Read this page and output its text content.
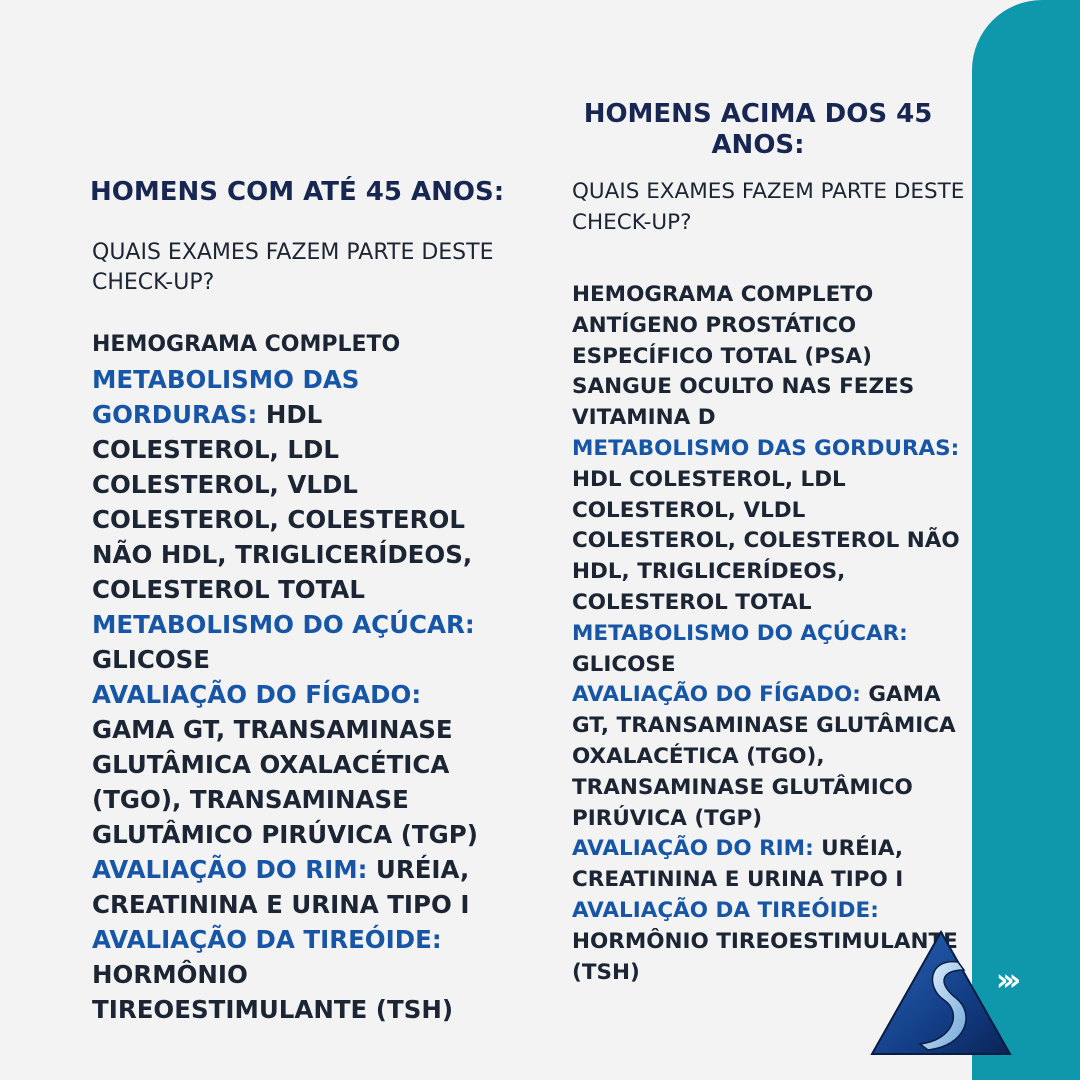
›››
HOMENS COM ATÉ 45 ANOS:
QUAIS EXAMES FAZEM PARTE DESTE CHECK-UP?
HEMOGRAMA COMPLETO
METABOLISMO DAS GORDURAS: HDL COLESTEROL, LDL COLESTEROL, VLDL COLESTEROL, COLESTEROL NÃO HDL, TRIGLICERÍDEOS, COLESTEROL TOTAL
METABOLISMO DO AÇÚCAR: GLICOSE
AVALIAÇÃO DO FÍGADO: GAMA GT, TRANSAMINASE GLUTÂMICA OXALACÉTICA (TGO), TRANSAMINASE GLUTÂMICO PIRÚVICA (TGP)
AVALIAÇÃO DO RIM: URÉIA, CREATININA E URINA TIPO I
AVALIAÇÃO DA TIREÓIDE: HORMÔNIO TIREOESTIMULANTE (TSH)
HOMENS ACIMA DOS 45 ANOS:
QUAIS EXAMES FAZEM PARTE DESTE CHECK-UP?
HEMOGRAMA COMPLETO
ANTÍGENO PROSTÁTICO ESPECÍFICO TOTAL (PSA)
SANGUE OCULTO NAS FEZES
VITAMINA D
METABOLISMO DAS GORDURAS: HDL COLESTEROL, LDL COLESTEROL, VLDL COLESTEROL, COLESTEROL NÃO HDL, TRIGLICERÍDEOS, COLESTEROL TOTAL
METABOLISMO DO AÇÚCAR: GLICOSE
AVALIAÇÃO DO FÍGADO: GAMA GT, TRANSAMINASE GLUTÂMICA OXALACÉTICA (TGO), TRANSAMINASE GLUTÂMICO PIRÚVICA (TGP)
AVALIAÇÃO DO RIM: URÉIA, CREATININA E URINA TIPO I
AVALIAÇÃO DA TIREÓIDE: HORMÔNIO TIREOESTIMULANTE (TSH)
